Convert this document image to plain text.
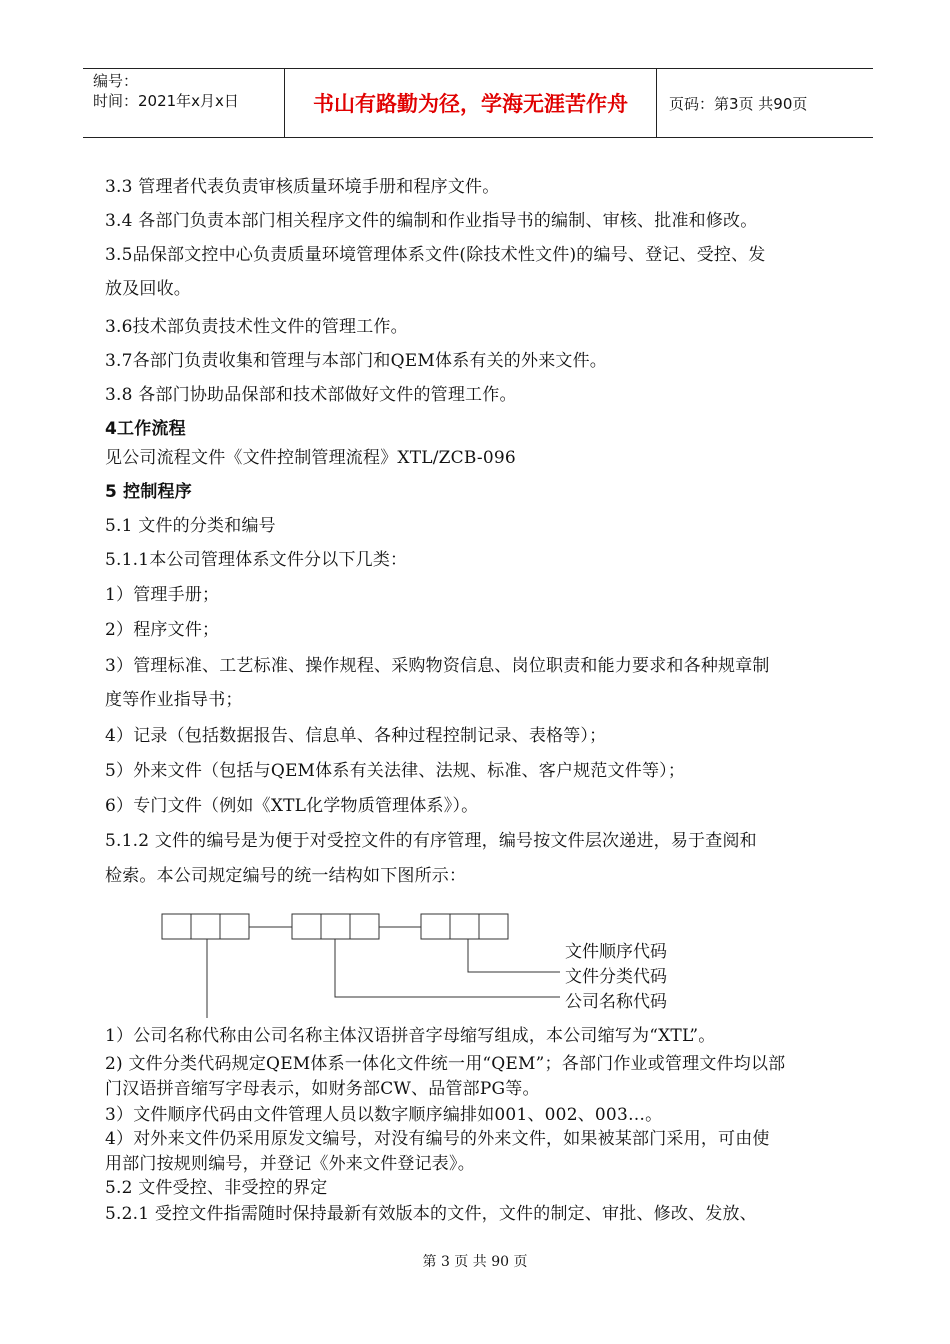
编号：
时间：2021年x月x日	书山有路勤为径，学海无涯苦作舟	页码：第3页 共90页
3.3 管理者代表负责审核质量环境手册和程序文件。
3.4 各部门负责本部门相关程序文件的编制和作业指导书的编制、审核、批准和修改。
3.5品保部文控中心负责质量环境管理体系文件(除技术性文件)的编号、登记、受控、发
放及回收。
3.6技术部负责技术性文件的管理工作。
3.7各部门负责收集和管理与本部门和QEM体系有关的外来文件。
3.8 各部门协助品保部和技术部做好文件的管理工作。
4工作流程
见公司流程文件《文件控制管理流程》XTL/ZCB-096
5 控制程序
5.1 文件的分类和编号
5.1.1本公司管理体系文件分以下几类：
1）管理手册；
2）程序文件；
3）管理标准、工艺标准、操作规程、采购物资信息、岗位职责和能力要求和各种规章制
度等作业指导书；
4）记录（包括数据报告、信息单、各种过程控制记录、表格等）；
5）外来文件（包括与QEM体系有关法律、法规、标准、客户规范文件等）；
6）专门文件（例如《XTL化学物质管理体系》）。
5.1.2 文件的编号是为便于对受控文件的有序管理，编号按文件层次递进，易于查阅和
检索。本公司规定编号的统一结构如下图所示：
文件顺序代码
文件分类代码
公司名称代码
1）公司名称代称由公司名称主体汉语拼音字母缩写组成，本公司缩写为“XTL”。
2) 文件分类代码规定QEM体系一体化文件统一用“QEM”；各部门作业或管理文件均以部
门汉语拼音缩写字母表示，如财务部CW、品管部PG等。
3）文件顺序代码由文件管理人员以数字顺序编排如001、002、003…。
4）对外来文件仍采用原发文编号，对没有编号的外来文件，如果被某部门采用，可由使
用部门按规则编号，并登记《外来文件登记表》。
5.2 文件受控、非受控的界定
5.2.1 受控文件指需随时保持最新有效版本的文件，文件的制定、审批、修改、发放、
第 3 页 共 90 页
